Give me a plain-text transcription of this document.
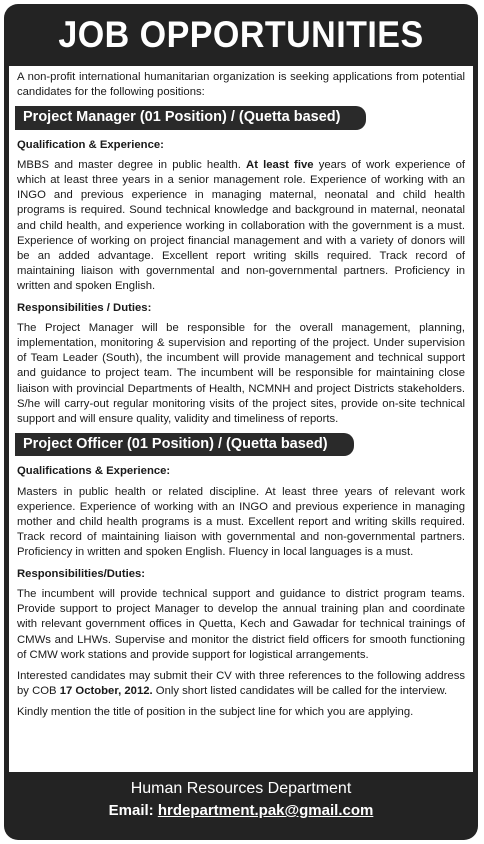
JOB OPPORTUNITIES

A non-profit international humanitarian organization is seeking applications from potential candidates for the following positions:

Project Manager (01 Position) / (Quetta based)

Qualification & Experience:

MBBS and master degree in public health. At least five years of work experience of which at least three years in a senior management role. Experience of working with an INGO and previous experience in managing maternal, neonatal and child health programs is required. Sound technical knowledge and background in maternal, neonatal and child health, and experience working in collaboration with the government is a must. Experience of working on project financial management and with a variety of donors will be an added advantage. Excellent report writing skills required. Track record of maintaining liaison with governmental and non-governmental partners. Proficiency in written and spoken English.

Responsibilities / Duties:

The Project Manager will be responsible for the overall management, planning, implementation, monitoring & supervision and reporting of the project. Under supervision of Team Leader (South), the incumbent will provide management and technical support and guidance to project team. The incumbent will be responsible for maintaining close liaison with provincial Departments of Health, NCMNH and project Districts stakeholders. S/he will carry-out regular monitoring visits of the project sites, provide on-site technical support and will ensure quality, validity and timeliness of reports.

Project Officer (01 Position) / (Quetta based)

Qualifications & Experience:

Masters in public health or related discipline. At least three years of relevant work experience. Experience of working with an INGO and previous experience in managing mother and child health programs is a must. Excellent report and writing skills required. Track record of maintaining liaison with governmental and non-governmental partners. Proficiency in written and spoken English. Fluency in local languages is a must.

Responsibilities/Duties:

The incumbent will provide technical support and guidance to district program teams. Provide support to project Manager to develop the annual training plan and coordinate with relevant government offices in Quetta, Kech and Gawadar for technical trainings of CMWs and LHWs. Supervise and monitor the district field officers for smooth functioning of CMW work stations and provide support for logistical arrangements.

Interested candidates may submit their CV with three references to the following address by COB 17 October, 2012. Only short listed candidates will be called for the interview.

Kindly mention the title of position in the subject line for which you are applying.

Human Resources Department
Email: hrdepartment.pak@gmail.com
